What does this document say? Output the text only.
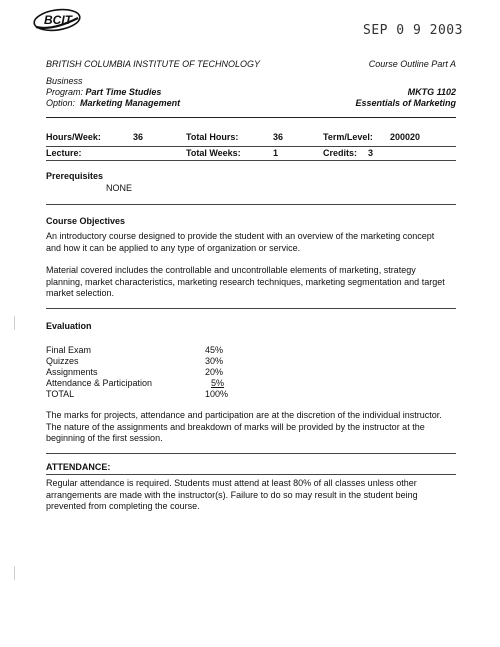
BCIT
SEP 0 9 2003
BRITISH COLUMBIA INSTITUTE OF TECHNOLOGY	Course Outline Part A
Business
Program: Part Time Studies	MKTG 1102
Option: Marketing Management	Essentials of Marketing
Hours/Week:	36	Total Hours:	36	Term/Level: 200020
Lecture:	Total Weeks:	1	Credits: 3
Prerequisites
NONE
Course Objectives
An introductory course designed to provide the student with an overview of the marketing concept and how it can be applied to any type of organization or service.
Material covered includes the controllable and uncontrollable elements of marketing, strategy planning, market characteristics, marketing research techniques, marketing segmentation and target market selection.
Evaluation
Final Exam	45%
Quizzes	30%
Assignments	20%
Attendance & Participation	5%
TOTAL	100%
The marks for projects, attendance and participation are at the discretion of the individual instructor. The nature of the assignments and breakdown of marks will be provided by the instructor at the beginning of the first session.
ATTENDANCE:
Regular attendance is required. Students must attend at least 80% of all classes unless other arrangements are made with the instructor(s). Failure to do so may result in the student being prevented from completing the course.
